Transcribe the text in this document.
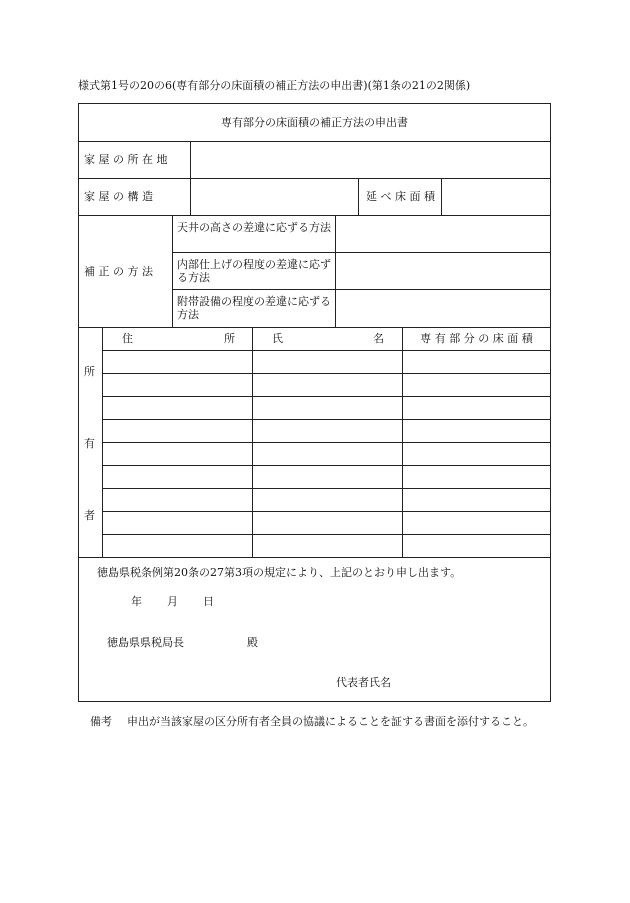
様式第1号の20の6(専有部分の床面積の補正方法の申出書)(第1条の21の2関係)
専有部分の床面積の補正方法の申出書
家 屋 の 所 在 地
家 屋 の 構 造	延 べ 床 面 積
補 正 の 方 法
天井の高さの差違に応ずる方法
内部仕上げの程度の差違に応ずる方法
附帯設備の程度の差違に応ずる方法
所
有
者
住	所	氏	名	専 有 部 分 の 床 面 積
徳島県税条例第20条の27第3項の規定により、上記のとおり申し出ます。
年 月 日
徳島県県税局長	殿
代表者氏名
備考	申出が当該家屋の区分所有者全員の協議によることを証する書面を添付すること。
